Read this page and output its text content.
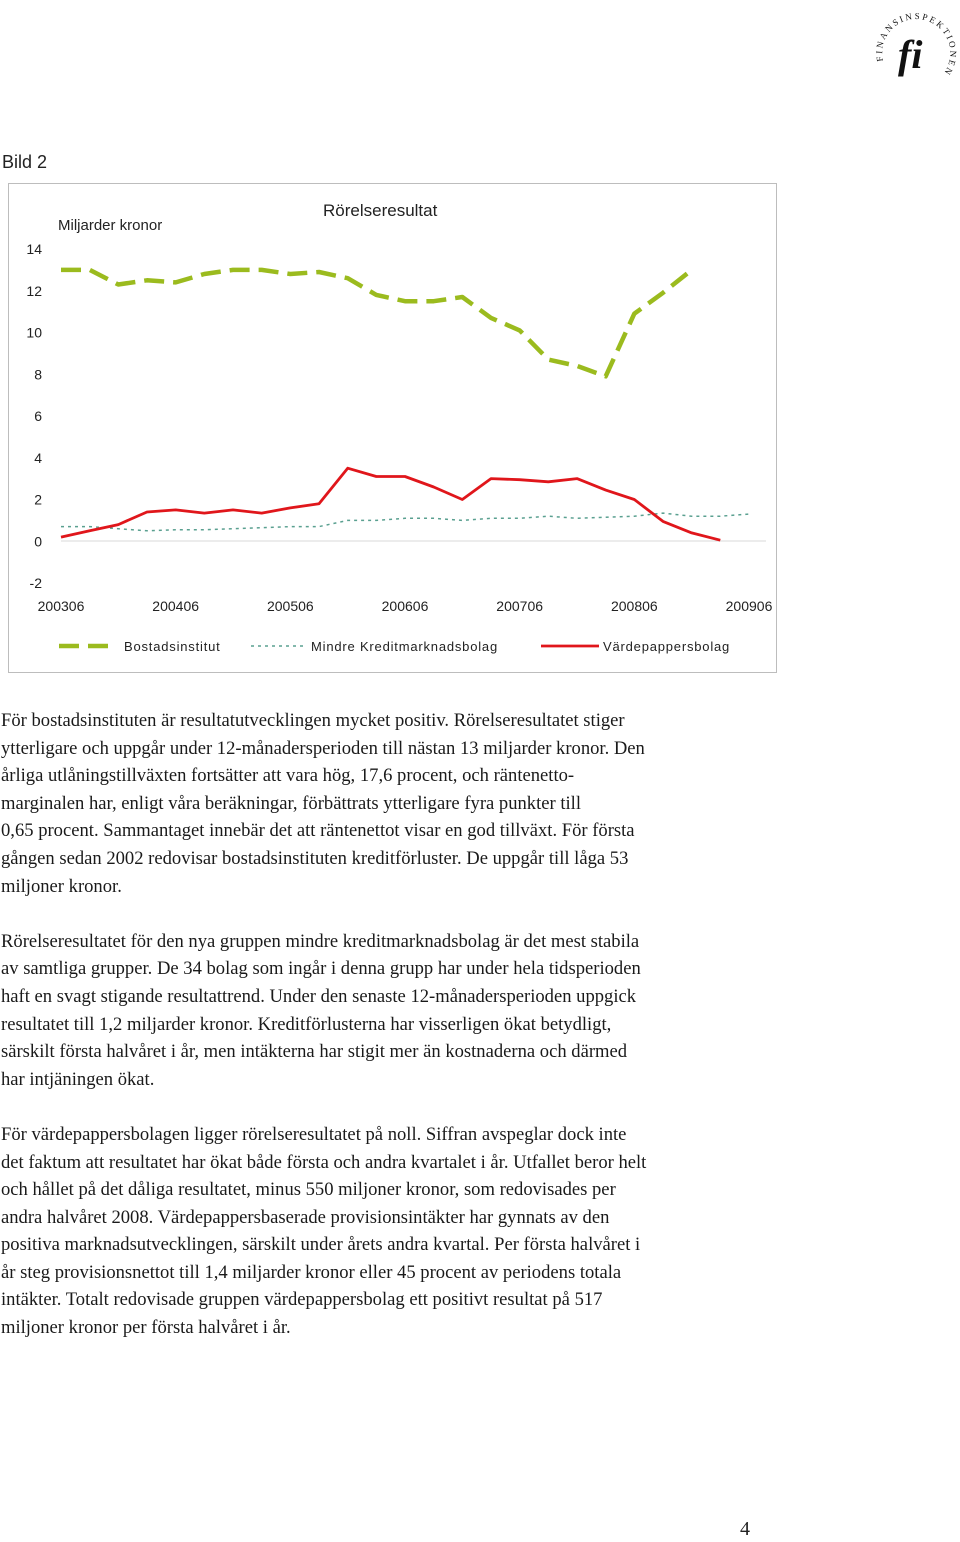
FINANSINSPEKTIONEN
fi
Bild 2
Rörelseresultat
Miljarder kronor
14
12
10
8
6
4
2
0
-2
200306	200406	200506	200606	200706	200806	200906
Bostadsinstitut	Mindre Kreditmarknadsbolag	Värdepappersbolag

För bostadsinstituten är resultatutvecklingen mycket positiv. Rörelseresultatet stiger
ytterligare och uppgår under 12-månadersperioden till nästan 13 miljarder kronor. Den
årliga utlåningstillväxten fortsätter att vara hög, 17,6 procent, och räntenetto-
marginalen har, enligt våra beräkningar, förbättrats ytterligare fyra punkter till
0,65 procent. Sammantaget innebär det att räntenettot visar en god tillväxt. För första
gången sedan 2002 redovisar bostadsinstituten kreditförluster. De uppgår till låga 53
miljoner kronor.

Rörelseresultatet för den nya gruppen mindre kreditmarknadsbolag är det mest stabila
av samtliga grupper. De 34 bolag som ingår i denna grupp har under hela tidsperioden
haft en svagt stigande resultattrend. Under den senaste 12-månadersperioden uppgick
resultatet till 1,2 miljarder kronor. Kreditförlusterna har visserligen ökat betydligt,
särskilt första halvåret i år, men intäkterna har stigit mer än kostnaderna och därmed
har intjäningen ökat.

För värdepappersbolagen ligger rörelseresultatet på noll. Siffran avspeglar dock inte
det faktum att resultatet har ökat både första och andra kvartalet i år. Utfallet beror helt
och hållet på det dåliga resultatet, minus 550 miljoner kronor, som redovisades per
andra halvåret 2008. Värdepappersbaserade provisionsintäkter har gynnats av den
positiva marknadsutvecklingen, särskilt under årets andra kvartal. Per första halvåret i
år steg provisionsnettot till 1,4 miljarder kronor eller 45 procent av periodens totala
intäkter. Totalt redovisade gruppen värdepappersbolag ett positivt resultat på 517
miljoner kronor per första halvåret i år.

4
